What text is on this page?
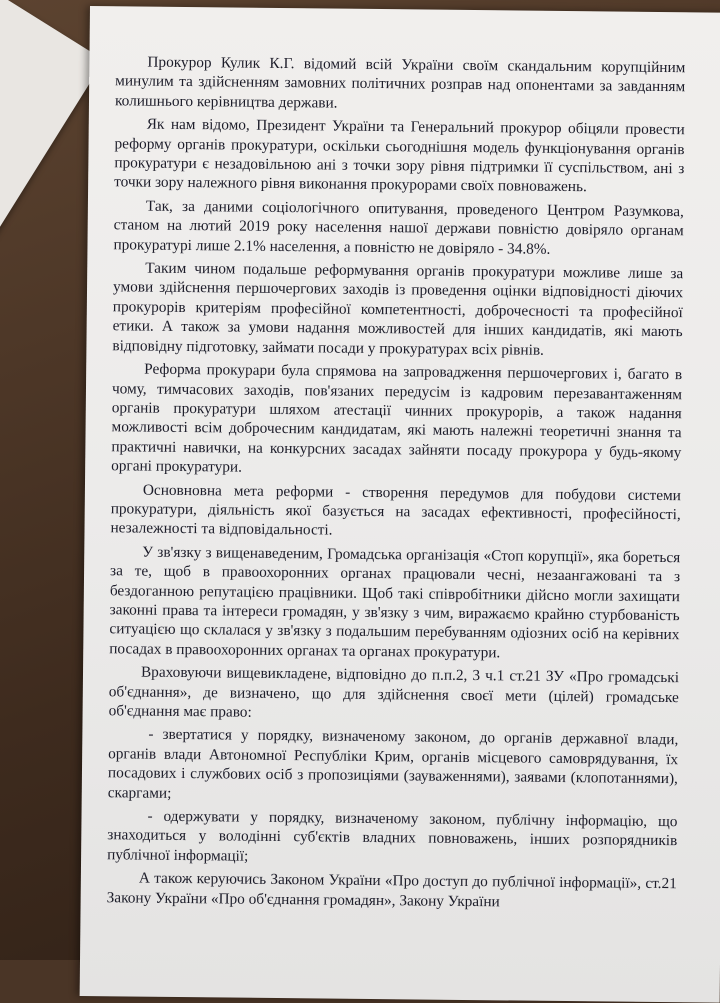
Прокурор Кулик К.Г. відомий всій України своїм скандальним корупційним минулим та здійсненням замовних політичних розправ над опонентами за завданням колишнього керівництва держави.

Як нам відомо, Президент України та Генеральний прокурор обіцяли провести реформу органів прокуратури, оскільки сьогоднішня модель функціонування органів прокуратури є незадовільною ані з точки зору рівня підтримки її суспільством, ані з точки зору належного рівня виконання прокурорами своїх повноважень.

Так, за даними соціологічного опитування, проведеного Центром Разумкова, станом на лютий 2019 року населення нашої держави повністю довіряло органам прокуратурі лише 2.1% населення, а повністю не довіряло - 34.8%.

Таким чином подальше реформування органів прокуратури можливе лише за умови здійснення першочергових заходів із проведення оцінки відповідності діючих прокурорів критеріям професійної компетентності, доброчесності та професійної етики. А також за умови надання можливостей для інших кандидатів, які мають відповідну підготовку, займати посади у прокуратурах всіх рівнів.

Реформа прокурари була спрямова на запровадження першочергових і, багато в чому, тимчасових заходів, пов'язаних передусім із кадровим перезавантаженням органів прокуратури шляхом атестації чинних прокурорів, а також надання можливості всім доброчесним кандидатам, які мають належні теоретичні знання та практичні навички, на конкурсних засадах зайняти посаду прокурора у будь-якому органі прокуратури.

Основновна мета реформи - створення передумов для побудови системи прокуратури, діяльність якої базується на засадах ефективності, професійності, незалежності та відповідальності.

У зв'язку з вищенаведеним, Громадська організація «Стоп корупції», яка бореться за те, щоб в правоохоронних органах працювали чесні, незаангажовані та з бездоганною репутацією працівники. Щоб такі співробітники дійсно могли захищати законні права та інтереси громадян, у зв'язку з чим, виражаємо крайню стурбованість ситуацією що склалася у зв'язку з подальшим перебуванням одіозних осіб на керівних посадах в правоохоронних органах та органах прокуратури.

Враховуючи вищевикладене, відповідно до п.п.2, 3 ч.1 ст.21 ЗУ «Про громадські об'єднання», де визначено, що для здійснення своєї мети (цілей) громадське об'єднання має право:

- звертатися у порядку, визначеному законом, до органів державної влади, органів влади Автономної Республіки Крим, органів місцевого самоврядування, їх посадових і службових осіб з пропозиціями (зауваженнями), заявами (клопотаннями), скаргами;

- одержувати у порядку, визначеному законом, публічну інформацію, що знаходиться у володінні суб'єктів владних повноважень, інших розпорядників публічної інформації;

А також керуючись Законом України «Про доступ до публічної інформації», ст.21 Закону України «Про об'єднання громадян», Закону України
